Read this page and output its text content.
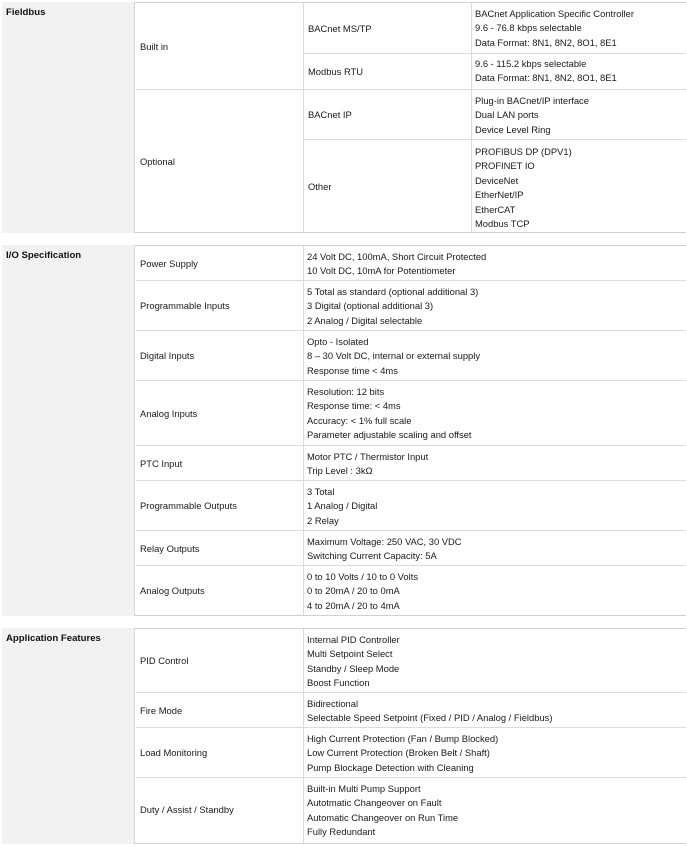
Fieldbus
Built in
Optional
BACnet MS/TP
BACnet Application Specific Controller
9.6 - 76.8 kbps selectable
Data Format: 8N1, 8N2, 8O1, 8E1
Modbus RTU
9.6 - 115.2 kbps selectable
Data Format: 8N1, 8N2, 8O1, 8E1
BACnet IP
Plug-in BACnet/IP interface
Dual LAN ports
Device Level Ring
Other
PROFIBUS DP (DPV1)
PROFINET IO
DeviceNet
EtherNet/IP
EtherCAT
Modbus TCP
I/O Specification
Power Supply
24 Volt DC, 100mA, Short Circuit Protected
10 Volt DC, 10mA for Potentiometer
Programmable Inputs
5 Total as standard (optional additional 3)
3 Digital (optional additional 3)
2 Analog / Digital selectable
Digital Inputs
Opto - Isolated
8 – 30 Volt DC, internal or external supply
Response time < 4ms
Analog Inputs
Resolution: 12 bits
Response time: < 4ms
Accuracy: < 1% full scale
Parameter adjustable scaling and offset
PTC Input
Motor PTC / Thermistor Input
Trip Level : 3kΩ
Programmable Outputs
3 Total
1 Analog / Digital
2 Relay
Relay Outputs
Maximum Voltage: 250 VAC, 30 VDC
Switching Current Capacity: 5A
Analog Outputs
0 to 10 Volts / 10 to 0 Volts
0 to 20mA / 20 to 0mA
4 to 20mA / 20 to 4mA
Application Features
PID Control
Internal PID Controller
Multi Setpoint Select
Standby / Sleep Mode
Boost Function
Fire Mode
Bidirectional
Selectable Speed Setpoint (Fixed / PID / Analog / Fieldbus)
Load Monitoring
High Current Protection (Fan / Bump Blocked)
Low Current Protection (Broken Belt / Shaft)
Pump Blockage Detection with Cleaning
Duty / Assist / Standby
Built-in Multi Pump Support
Autotmatic Changeover on Fault
Automatic Changeover on Run Time
Fully Redundant
